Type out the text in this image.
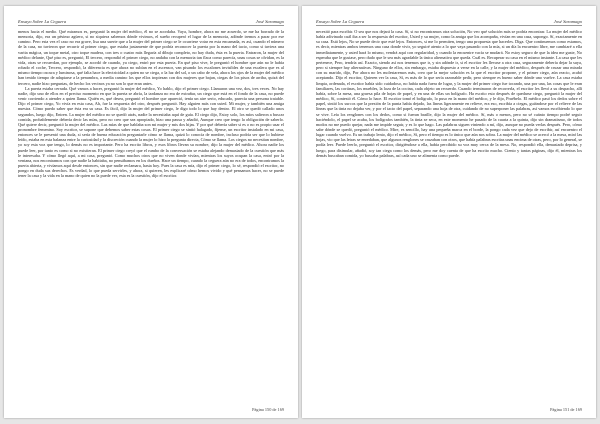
Ensayo Sobre La Ceguera	José Saramago

menos hacia el medio. Qué miramos es, preguntó la mujer del médico, él no se acordaba. Vaya, hombre, ahora no me acuerdo, se me ha borrado de la memoria, dijo, era un pésimo agüero, si no siquiera sabemos dónde vivimos, el sueño recuperó el lugar de la memoria, adónde iremos a parar por ese camino. Pero esta vez el caso no era grave, lisa una suerte que a la mujer del primer ciego se le ocurriese votar en esta encarnada, es así, cuando el número de la casa, no tuvieron que recurrir al primer ciego, que estaba justamente de que podría reconocer la puerta por la mano del tacto, como si tuviera una varita mágica, un toque metal, otro toque madera, con tres o cuatro más llegaría al dibujo completo, no hay duda, ésta es la puerta. Entraron, la mujer del médico delante, Qué piso es, preguntó, El tercero, respondió el primer ciego, no andaba con la memoria tan flaca como parecía, unas cosas se olvidan, es la vida, otras se recuerdan, por ejemplo, se acordó de cuando, ya ciego, entró por esta puerta. En qué piso vive, le preguntó el hombre que aún no le había robado el coche, Tercero, respondió, la diferencia es que ahora no subían en el ascensor, van pisando los escalones invisibles de una escalera que es al mismo tiempo oscura y luminosa, qué falta hace la electricidad a quien no se ciega, o la luz del sol, o un cabo de vela, ahora los ojos de la mujer del médico han tenido tiempo de adaptarse a la penumbra, a media camino los que ellos tropiezan con dos mujeres que bajan, ciegas de los pisos de arriba, quizá del tercero, nadie hizo preguntas, de hecho los vecinos ya no son lo que eran antes.

La puerta estaba cerrada. Qué vamos a hacer, preguntó la mujer del médico, Yo hablo, dijo el primer ciego. Llamaron una vez, dos, tres veces. No hay nadie, dijo uno de ellos en el preciso momento en que la puerta se abría, la tardanza no era de extrañar, un ciego que está en el fondo de la casa, no puede venir corriendo a atender a quien llama. Quién es, qué desea, preguntó el hombre que apareció, tenía un aire serio, educado, parecía una persona tratable. Dijo el primer ciego, Yo vivía en esta casa, Ah, fue la respuesta del otro, después preguntó. Hay alguien más con usted. Mi mujer, y también una amiga nuestra. Cómo puedo saber que ésta era su casa. Es fácil, dijo la mujer del primer ciego, le digo todo lo que hay dentro. El otro se quedó callado unos segundos, luego dijo, Entren. La mujer del médico no se quedó atrás, nadie la necesitaba aquí de guía. El ciego dijo, Estoy solo, los míos salieron a buscar comida, probablemente debería decir las mías, pero no creo que sea apropiado, hizo una pausa y añadió, Aunque creo que tengo la obligación de saberlo. Qué quiere decir, preguntó la mujer del médico. Las mías de que hablaba son mi mujer y mis dos hijas. Y por qué debería saber si es o no es propio usar el pronombre femenino. Soy escritor, se supone que debemos saber estas cosas. El primer ciego se sintió halagado, fíjense, un escritor instalado en mi casa, entonces se le presentó una duda, si sería de buena educación preguntarle cómo se llama, quizá lo conocía de nombre, incluso podría ser que lo hubiese leído, estaba en esta balanza entre la curiosidad y la discreción cuando la mujer lo hizo la pregunta directa, Cómo se llama. Los ciegos no necesitan nombre, yo soy esta voz que tengo, lo demás no es importante. Pero ha escrito libros, y esos libros llevan su nombre, dijo la mujer del médico. Ahora nadie los puede leer, por tanto es como si no existieran. El primer ciego creyó que el rumbo de la conversación se estaba alejando demasiado de la cuestión que más le interesaba. Y cómo llegó aquí, a mi casa, preguntó. Como muchos otros que no viven donde vivían, mientras los suyos ocupan la casa, entró por la ventana, nos encontramos con que nadie la habitaba, no pensábamos en los dueños. Hace un tiempo, cuando la ceguera aún no era de todos, encontramos la puerta abierta, y vivíamos aquí desde entonces, sin que nadie reclamara, hasta hoy. Pues la casa es mía, dijo el primer ciego, lo sé, respondió el escritor, no pongo en duda sus derechos. Es verdad, lo que pueda servirles, y ahora, si quieren, les explicaré cómo hemos vivido y qué pensamos hacer, no se puede tener la casa y la vida en la mano de quien no la puede ver, esta es la cuestión, dijo el escritor.

Página 150 de 169
Ensayo Sobre La Ceguera	José Saramago

necesitó para escribir. O sea que nos dejará la casa. Sí, si no encontramos otra solución, No veo qué solución más se podría encontrar. La mujer del médico había adivinado cuál iba a ser la respuesta del escritor, Usted y su mujer, como la amiga que los acompaña, vivían en una casa, supongo. Sí, exactamente en su casa. Está lejos, No se puede decir que esté lejos. Entonces, si me lo permiten, tengo una propuesta que hacerles. Diga. Que continuemos como estamos, es decir, mientras ambos tenemos una casa donde vivir, yo seguiré atento a lo que vaya pasando con la mía, si un día la encuentro libre, me cambiaré a ella inmediatamente, y usted hará lo mismo, vendrá aquí con regularidad, y cuando la encuentre vacía se mudará. No estoy seguro de que la idea me guste, No esperaba que le gustase, pero dudo que le sea más agradable la única alternativa que queda. Cuál es. Recuperar su casa en el mismo instante. La casa que les pertenece, Pero, tendría así. Exacto, siendo así nos tenemos que ir, y sin adónde ir, si el escritor les llevase a otra casa, seguramente debería dejar la suya, pero si siempre hay alternativas. Ninguno de ellos, sin embargo, estaba dispuesto a verse en la calle, y la mujer del médico, después de cruzar una mirada con su marido, dijo, Por ahora no les molestaremos más, creo que la mejor solución es la que el escritor propone, y el primer ciego, aún reacio, acabó aceptando. Dijo el escritor, Quieren ver la casa, Sí, es más de lo que sería razonable pedir, pero siempre es bueno saber dónde uno vuelve. La casa estaba limpia, ordenada, el escritor había sido cuidadoso, no había nada fuera de lugar, y la mujer del primer ciego fue tocando, una por una, las cosas que le eran familiares, las cortinas, los muebles, la loza de la cocina, cada objeto un recuerdo. Cuando terminaron de recorrerla, el escritor les llevó a su despacho, allí había, sobre la mesa, una gruesa pila de hojas de papel, y en una de ellas un bolígrafo. Ha escrito esto después de quedarse ciego, preguntó la mujer del médico, Sí, contestó él. Cómo lo hace. El escritor tomó el bolígrafo, lo puso en la mano del médico, y le dijo, Pruébelo. El médico pasó los dedos sobre el papel, sintió los surcos que la presión de la punta había dejado, las líneas ligeramente en relieve, era eso, escribía a ciegas, guiándose por el relieve de las líneas que la tinta no dejaba ver, y por el tacto del papel, separando una hoja de otra, cuidando de no superponer las palabras, así vamos escribiendo lo que se vive. Leía los renglones con los dedos, como si fueran braille, dijo la mujer del médico. Sí, más o menos, pero no sé cuánto tiempo podré seguir haciéndolo, el papel se acaba, los bolígrafos también, la tinta se seca, en este momento he pasado de la cuarta a la quinta, dijo sin dramatismo, de todos modos no me puedo quejar, nada me impide seguir, y es lo que hago. Las palabras siguen viniendo a mí, dijo, aunque no pueda verlas después. Pero, cómo sabe dónde se quedó, preguntó el médico. Mire, es sencillo, hay una pequeña marca en el borde, la pongo cada vez que dejo de escribir, así encuentro el lugar cuando vuelvo. Es un trabajo lento, dijo el médico, Sí, pero el tiempo es lo único que aún nos sobra. La mujer del médico se acercó a la mesa, miró las hojas, vio que las letras se enredaban, que algunos renglones se cruzaban con otros, que había palabras escritas unas encima de otras, pero, por lo general, se podía leer. Puede leerlo, preguntó el escritor, dirigiéndose a ella, había percibido su voz muy cerca de la mesa. No, respondió ella, demasiado deprisa, y luego, para disimular, añadió, soy tan ciega como los demás, pero me doy cuenta de que ha escrito mucho. Ciento y tantas páginas, dijo él, mientras los demás buscaban comida, yo buscaba palabras, así cada uno se alimenta como puede.

Página 151 de 169
